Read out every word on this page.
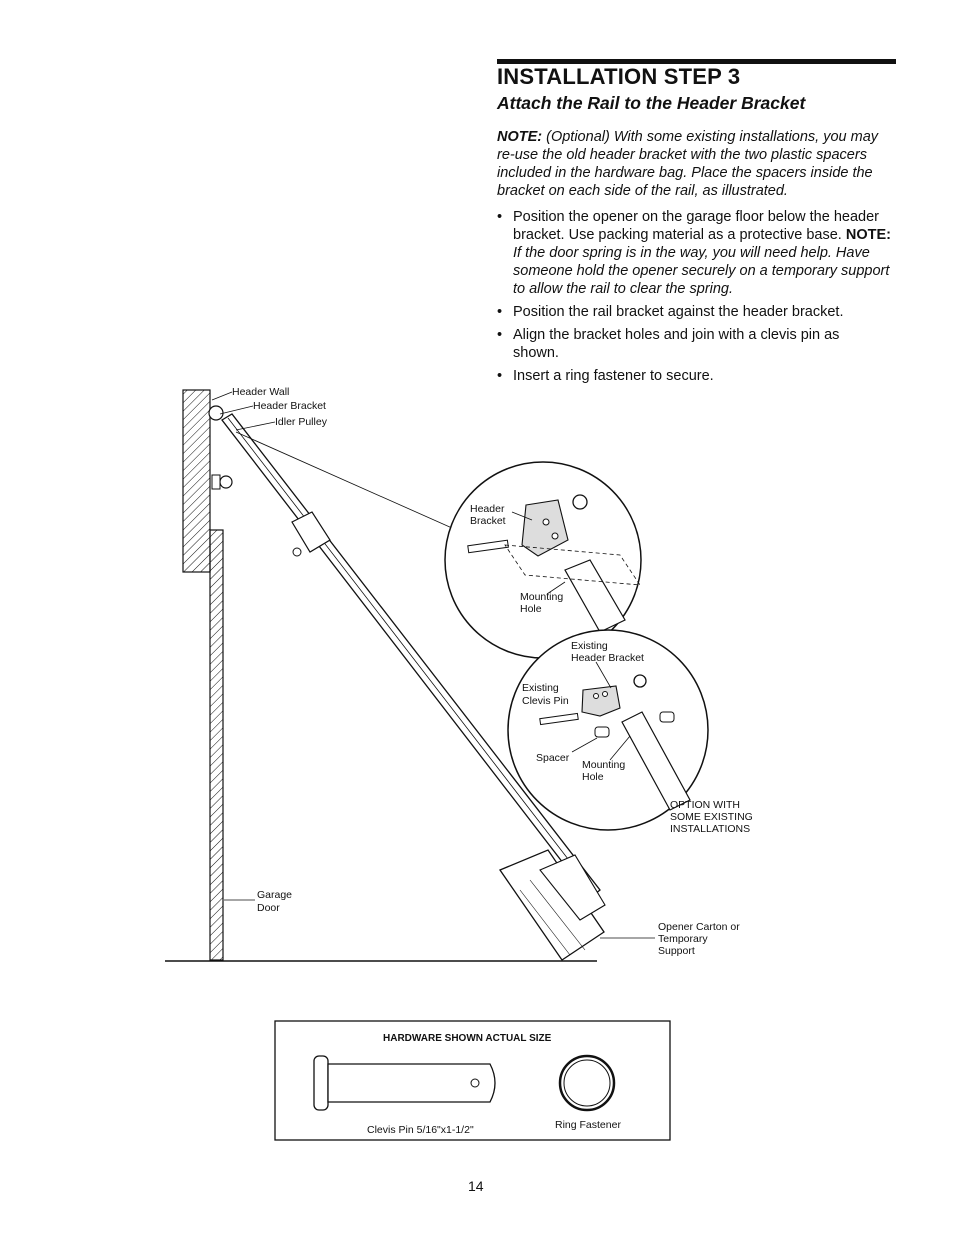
INSTALLATION STEP 3
Attach the Rail to the Header Bracket

NOTE: (Optional) With some existing installations, you may re-use the old header bracket with the two plastic spacers included in the hardware bag. Place the spacers inside the bracket on each side of the rail, as illustrated.

• Position the opener on the garage floor below the header bracket. Use packing material as a protective base. NOTE: If the door spring is in the way, you will need help. Have someone hold the opener securely on a temporary support to allow the rail to clear the spring.
• Position the rail bracket against the header bracket.
• Align the bracket holes and join with a clevis pin as shown.
• Insert a ring fastener to secure.
Header Wall
Header Bracket
Idler Pulley
Garage
Door
Header
Bracket
Mounting
Hole
Existing
Header Bracket
Existing
Clevis Pin
Spacer
Mounting
Hole
OPTION WITH
SOME EXISTING
INSTALLATIONS
Opener Carton or
Temporary
Support
HARDWARE SHOWN ACTUAL SIZE
Clevis Pin 5/16"x1-1/2"	Ring Fastener
14
